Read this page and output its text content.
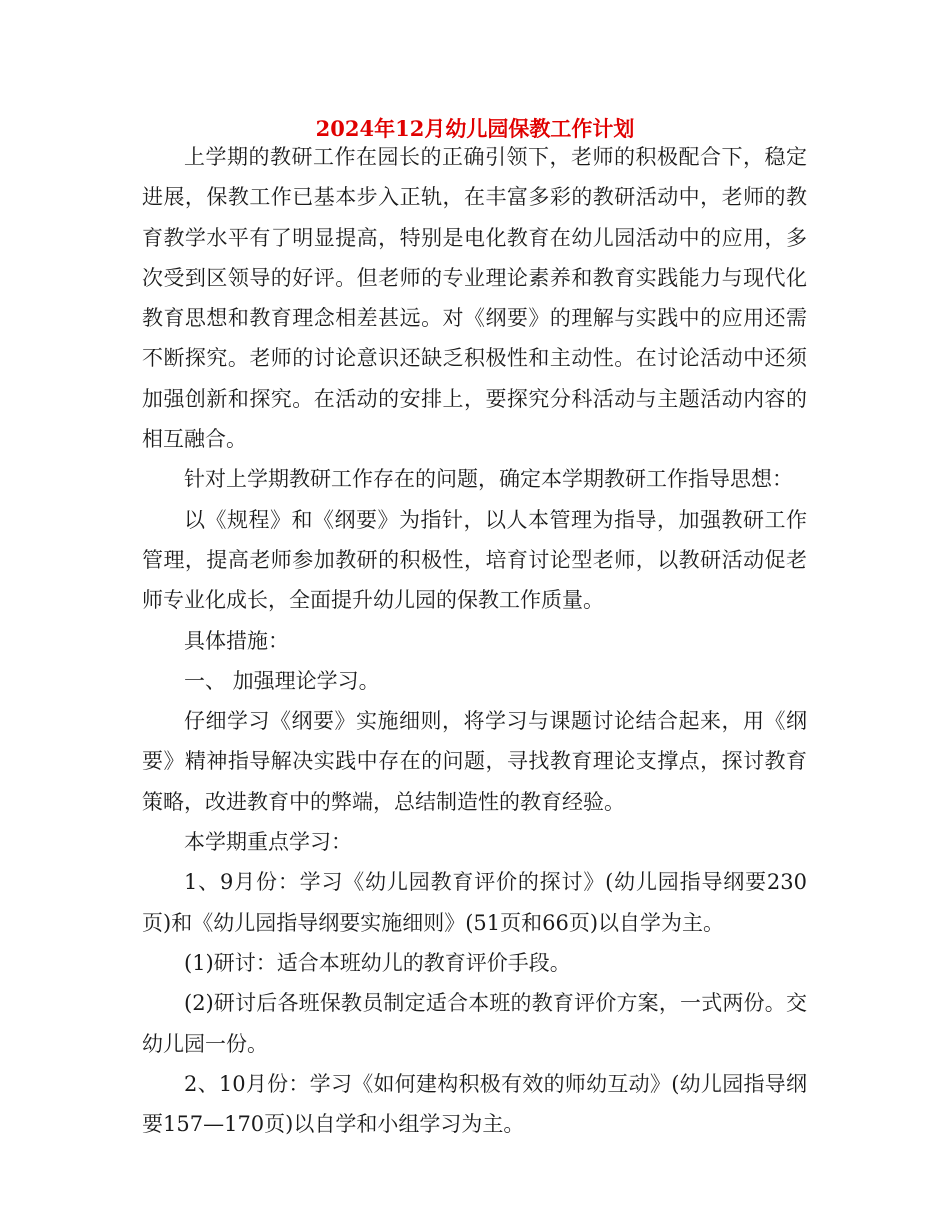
2024年12月幼儿园保教工作计划

上学期的教研工作在园长的正确引领下，老师的积极配合下，稳定进展，保教工作已基本步入正轨，在丰富多彩的教研活动中，老师的教育教学水平有了明显提高，特别是电化教育在幼儿园活动中的应用，多次受到区领导的好评。但老师的专业理论素养和教育实践能力与现代化教育思想和教育理念相差甚远。对《纲要》的理解与实践中的应用还需不断探究。老师的讨论意识还缺乏积极性和主动性。在讨论活动中还须加强创新和探究。在活动的安排上，要探究分科活动与主题活动内容的相互融合。

针对上学期教研工作存在的问题，确定本学期教研工作指导思想：

以《规程》和《纲要》为指针，以人本管理为指导，加强教研工作管理，提高老师参加教研的积极性，培育讨论型老师，以教研活动促老师专业化成长，全面提升幼儿园的保教工作质量。

具体措施：

一、 加强理论学习。

仔细学习《纲要》实施细则，将学习与课题讨论结合起来，用《纲要》精神指导解决实践中存在的问题，寻找教育理论支撑点，探讨教育策略，改进教育中的弊端，总结制造性的教育经验。

本学期重点学习：

1、9月份：学习《幼儿园教育评价的探讨》(幼儿园指导纲要230页)和《幼儿园指导纲要实施细则》(51页和66页)以自学为主。

(1)研讨：适合本班幼儿的教育评价手段。

(2)研讨后各班保教员制定适合本班的教育评价方案，一式两份。交幼儿园一份。

2、10月份：学习《如何建构积极有效的师幼互动》(幼儿园指导纲要157—170页)以自学和小组学习为主。
